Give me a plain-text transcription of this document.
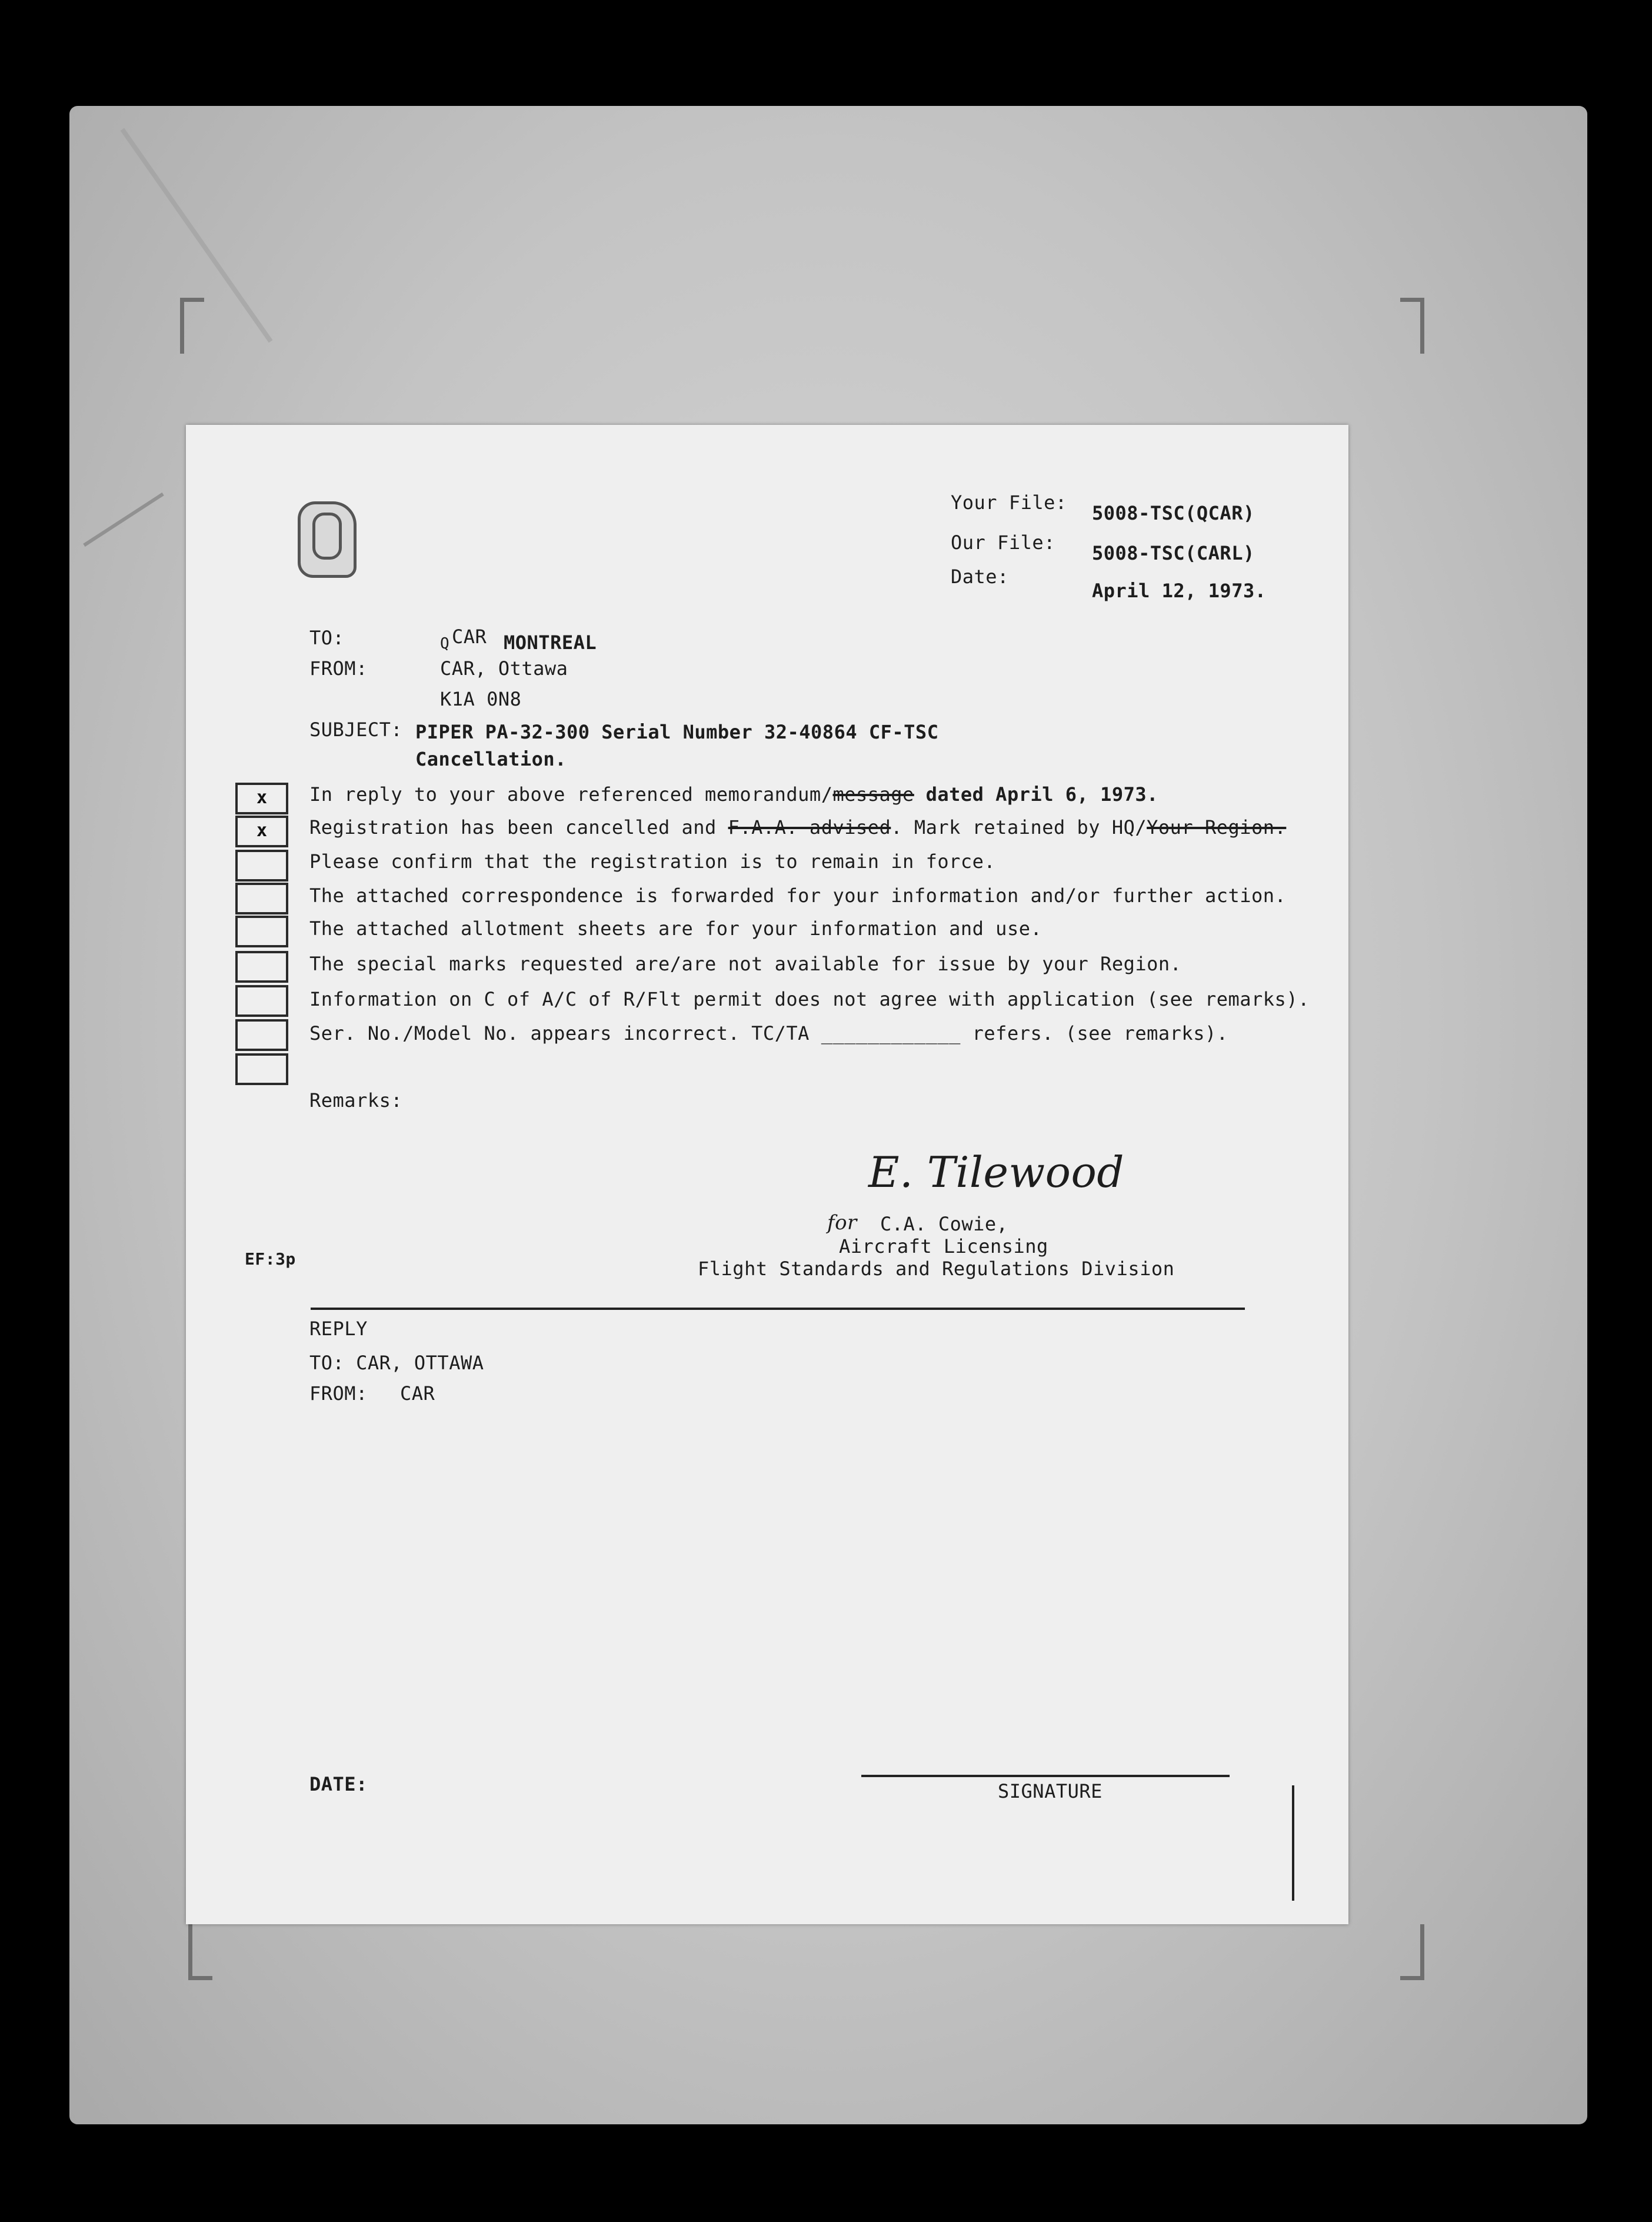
Your File: 5008-TSC(QCAR)
Our File: 5008-TSC(CARL)
Date:
April 12, 1973.
TO:	Q CAR MONTREAL
FROM:	CAR, Ottawa
K1A 0N8
SUBJECT: PIPER PA-32-300 Serial Number 32-40864 CF-TSC
Cancellation.
x	In reply to your above referenced memorandum/message dated April 6, 1973.
x	Registration has been cancelled and F.A.A. advised. Mark retained by HQ/Your Region.
Please confirm that the registration is to remain in force.
The attached correspondence is forwarded for your information and/or further action.
The attached allotment sheets are for your information and use.
The special marks requested are/are not available for issue by your Region.
Information on C of A/C of R/Flt permit does not agree with application (see remarks).
Ser. No./Model No. appears incorrect. TC/TA ____________ refers. (see remarks).
Remarks:
E. Tilewood
for C.A. Cowie,
Aircraft Licensing
Flight Standards and Regulations Division
EF:3p
REPLY
TO: CAR, OTTAWA
FROM: CAR
DATE:	SIGNATURE
